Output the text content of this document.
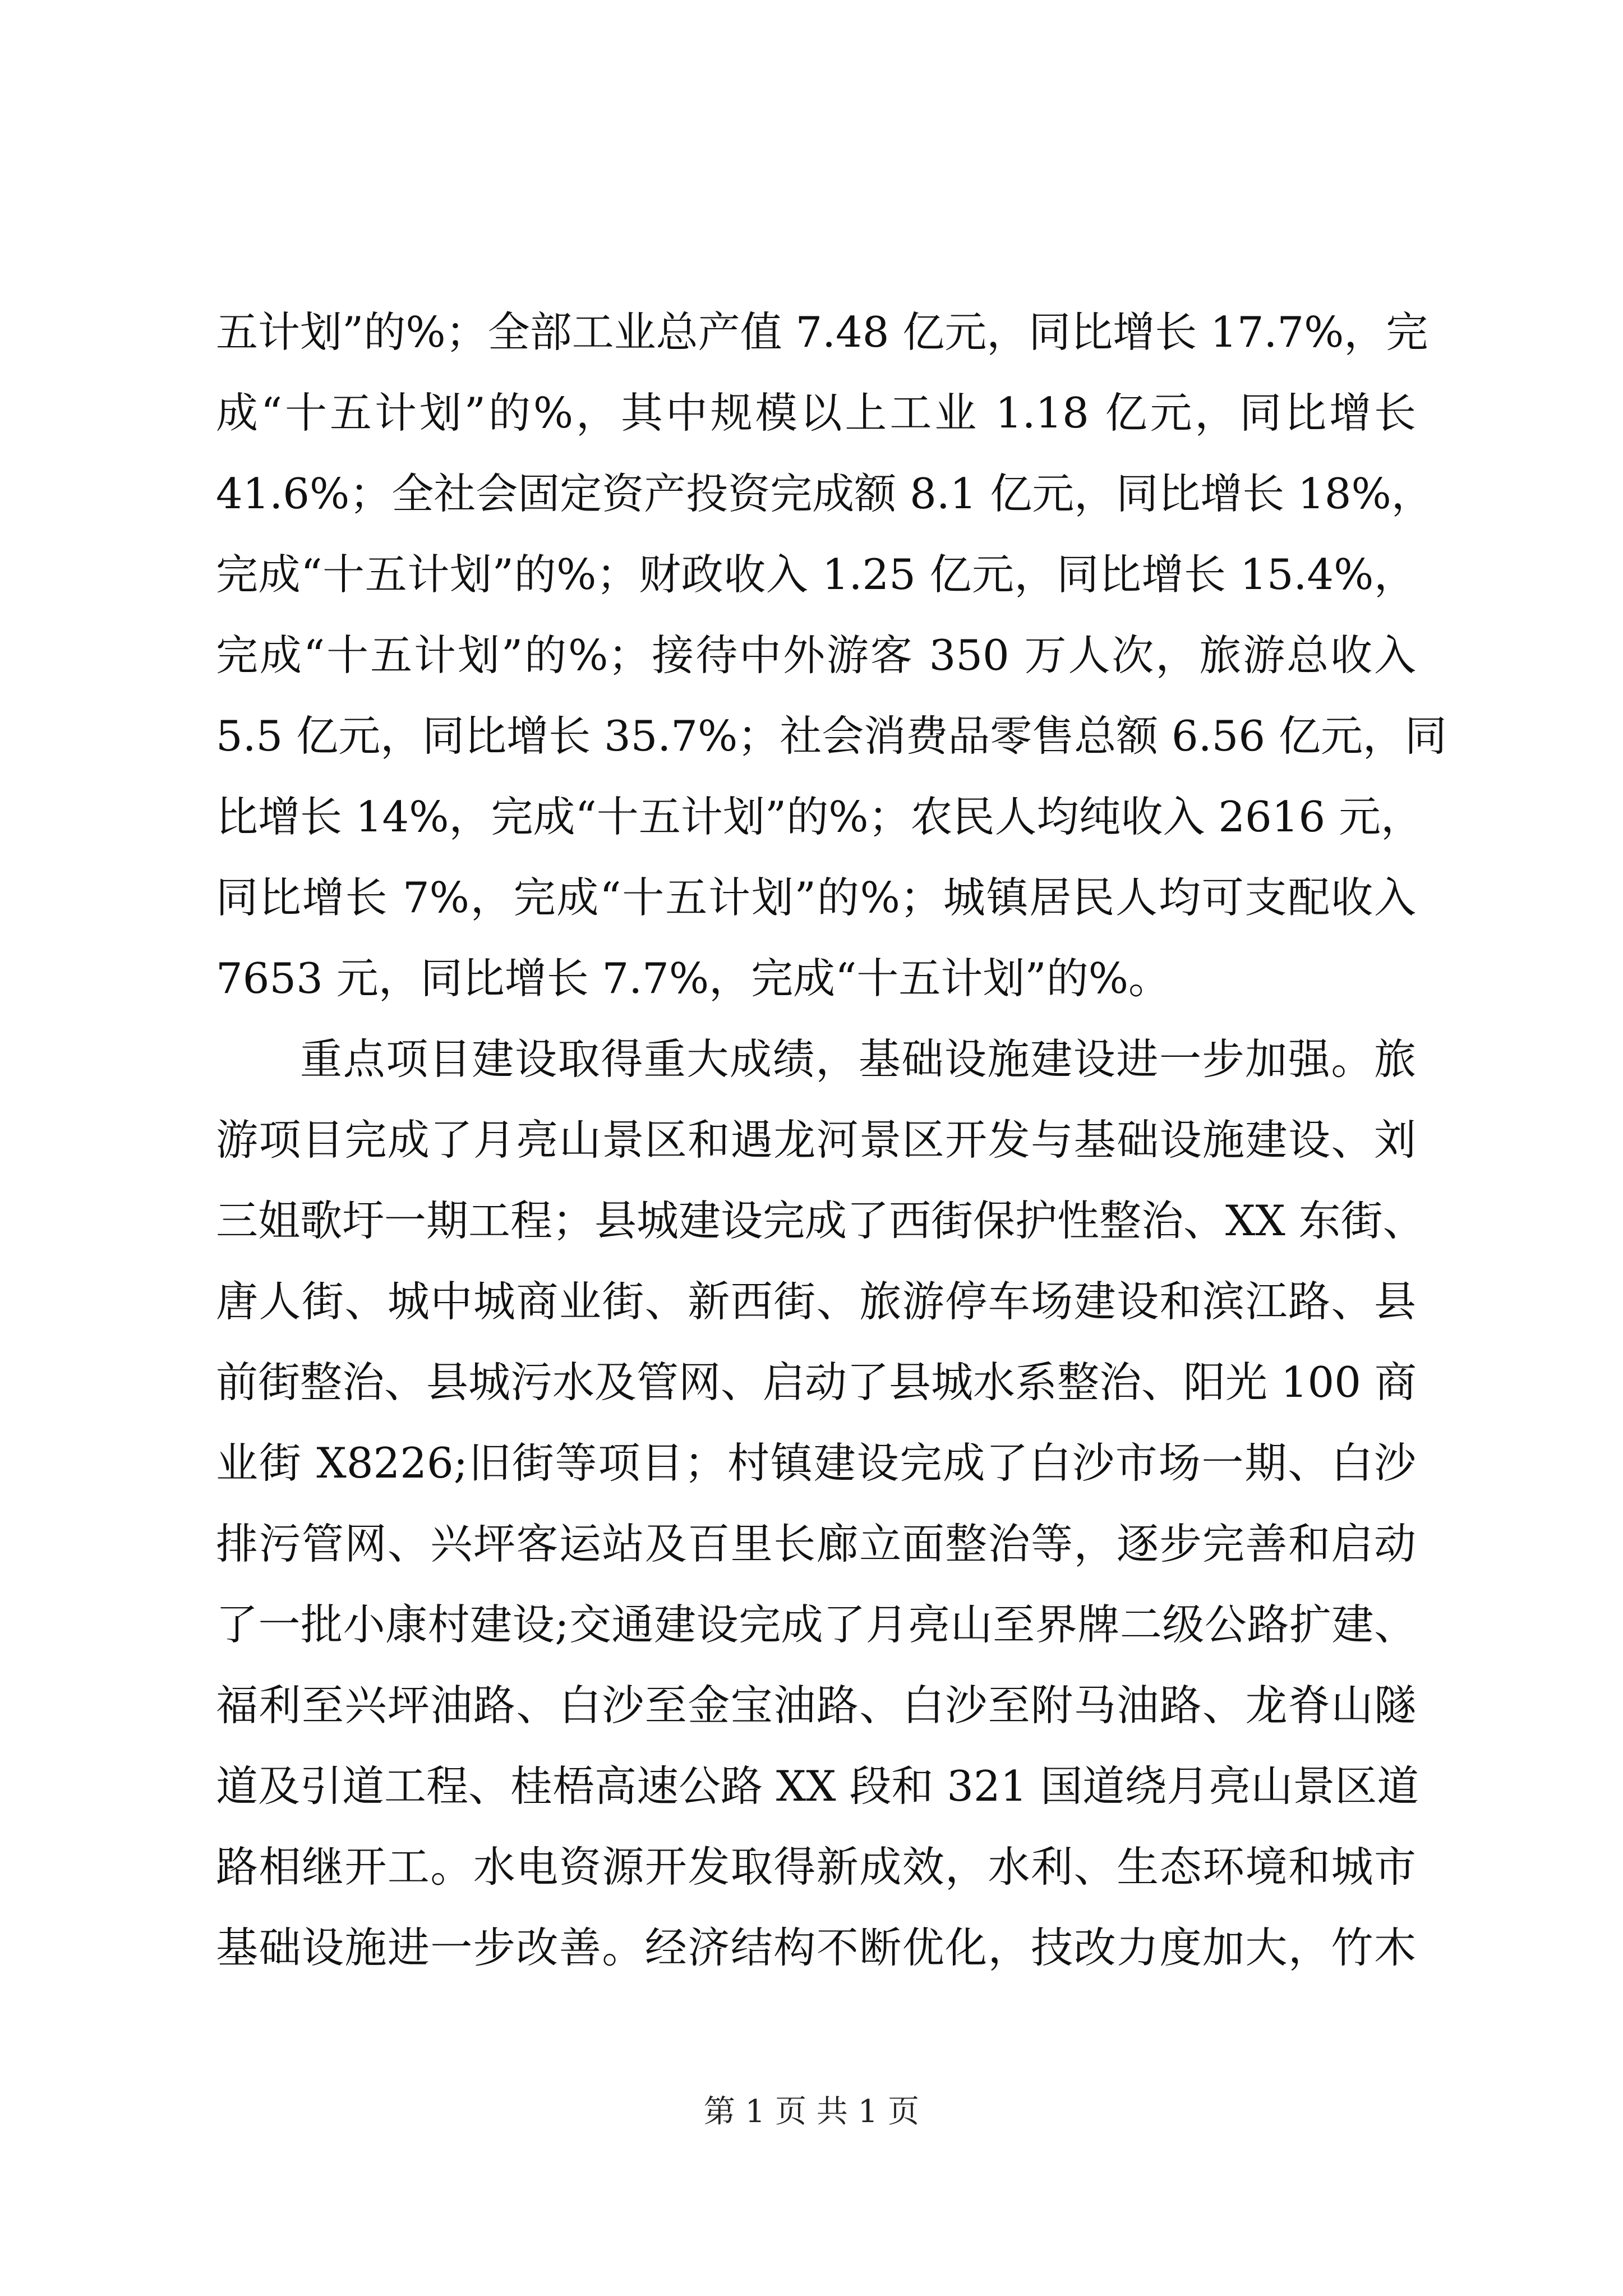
五计划”的%；全部工业总产值 7.48 亿元，同比增长 17.7%，完
成“十五计划”的%，其中规模以上工业 1.18 亿元，同比增长
41.6%；全社会固定资产投资完成额 8.1 亿元，同比增长 18%，
完成“十五计划”的%；财政收入 1.25 亿元，同比增长 15.4%，
完成“十五计划”的%；接待中外游客 350 万人次，旅游总收入
5.5 亿元，同比增长 35.7%；社会消费品零售总额 6.56 亿元，同
比增长 14%，完成“十五计划”的%；农民人均纯收入 2616 元，
同比增长 7%，完成“十五计划”的%；城镇居民人均可支配收入
7653 元，同比增长 7.7%，完成“十五计划”的%。
重点项目建设取得重大成绩，基础设施建设进一步加强。旅
游项目完成了月亮山景区和遇龙河景区开发与基础设施建设、刘
三姐歌圩一期工程；县城建设完成了西街保护性整治、XX 东街、
唐人街、城中城商业街、新西街、旅游停车场建设和滨江路、县
前街整治、县城污水及管网、启动了县城水系整治、阳光 100 商
业街 X8226;旧街等项目；村镇建设完成了白沙市场一期、白沙
排污管网、兴坪客运站及百里长廊立面整治等，逐步完善和启动
了一批小康村建设;交通建设完成了月亮山至界牌二级公路扩建、
福利至兴坪油路、白沙至金宝油路、白沙至附马油路、龙脊山隧
道及引道工程、桂梧高速公路 XX 段和 321 国道绕月亮山景区道
路相继开工。水电资源开发取得新成效，水利、生态环境和城市
基础设施进一步改善。经济结构不断优化，技改力度加大，竹木
第 1 页 共 1 页
